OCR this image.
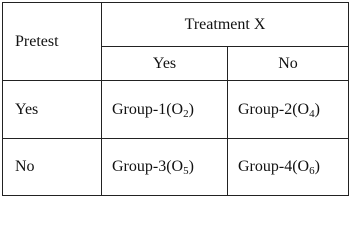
Pretest	Treatment X	
	Yes	No
Yes	Group-$1(O_2)$	Group-$2(O_4)$
No	Group-$3(O_5)$	Group-$4(O_6)$
